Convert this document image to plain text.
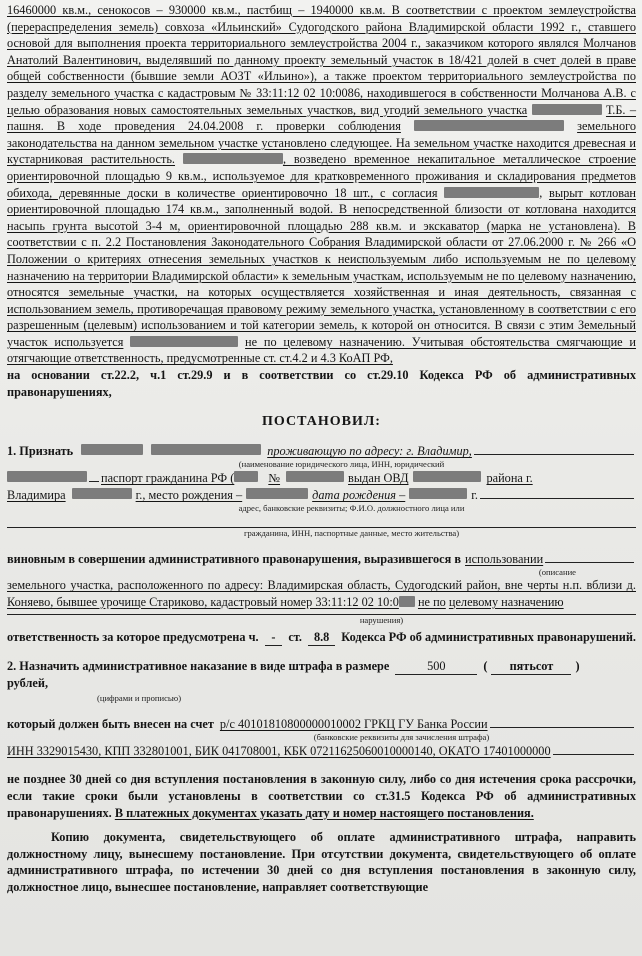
16460000 кв.м., сенокосов – 930000 кв.м., пастбищ – 1940000 кв.м. В соответствии с проектом землеустройства (перераспределения земель) совхоза «Ильинский» Судогодского района Владимирской области 1992 г., ставшего основой для выполнения проекта территориального землеустройства 2004 г., заказчиком которого являлся Молчанов Анатолий Валентинович, выделявший по данному проекту земельный участок в 18/421 долей в счет долей в праве общей собственности (бывшие земли АОЗТ «Ильино»), а также проектом территориального землеустройства по разделу земельного участка с кадастровым № 33:11:12 02 10:0086, находившегося в собственности Молчанова А.В. с целью образования новых самостоятельных земельных участков, вид угодий земельного участка	Т.Б. – пашня. В ходе проведения 24.04.2008 г. проверки соблюдения	земельного законодательства на данном земельном участке установлено следующее. На земельном участке находится древесная и кустарниковая растительность.	, возведено временное некапитальное металлическое строение ориентировочной площадью 9 кв.м., используемое для кратковременного проживания и складирования предметов обихода, деревянные доски в количестве ориентировочно 18 шт., с согласия	, вырыт котлован ориентировочной площадью 174 кв.м., заполненный водой. В непосредственной близости от котлована находится насыпь грунта высотой 3-4 м, ориентировочной площадью 288 кв.м. и экскаватор (марка не установлена). В соответствии с п. 2.2 Постановления Законодательного Собрания Владимирской области от 27.06.2000 г. № 266 «О Положении о критериях отнесения земельных участков к неиспользуемым либо используемым не по целевому назначению на территории Владимирской области» к земельным участкам, используемым не по целевому назначению, относятся земельные участки, на которых осуществляется хозяйственная и иная деятельность, связанная с использованием земель, противоречащая правовому режиму земельного участка, установленному в соответствии с его разрешенным (целевым) использованием и той категории земель, к которой он относится. В связи с этим Земельный участок используется	не по целевому назначению. Учитывая обстоятельства смягчающие и отягчающие ответственность, предусмотренные ст. ст.4.2 и 4.3 КоАП РФ,

на основании ст.22.2, ч.1 ст.29.9 и в соответствии со ст.29.10 Кодекса РФ об административных правонарушениях,

ПОСТАНОВИЛ:
1. Признать	проживающую по адресу: г. Владимир,

(наименование юридического лица, ИНН, юридический

паспорт гражданина РФ (	№	выдан ОВД	района г.
Владимира	г., место рождения –	дата рождения –	г.

адрес, банковские реквизиты; Ф.И.О. должностного лица или

гражданина, ИНН, паспортные данные, место жительства)

виновным в совершении административного правонарушения, выразившегося в использовании

(описание

земельного участка, расположенного по адресу: Владимирская область, Судогодский район, вне черты н.п. вблизи д. Коняево, бывшее урочище Стариково, кадастровый номер 33:11:12 02 10:0 не по целевому назначению

нарушения)

ответственность за которое предусмотрена ч.	-	ст. 8.8 Кодекса РФ об административных правонарушений.
2. Назначить административное наказание в виде штрафа в размере	500	(	пятьсот	)
рублей,

(цифрами и прописью)

который должен быть внесен на счет р/с 40101810800000010002 ГРКЦ ГУ Банка России

(банковские реквизиты для зачисления штрафа)

ИНН 3329015430, КПП 332801001, БИК 041708001, КБК 07211625060010000140, ОКАТО 17401000000

не позднее 30 дней со дня вступления постановления в законную силу, либо со дня истечения срока рассрочки, если такие сроки были установлены в соответствии со ст.31.5 Кодекса РФ об административных правонарушениях. В платежных документах указать дату и номер настоящего постановления.

Копию документа, свидетельствующего об оплате административного штрафа, направить должностному лицу, вынесшему постановление. При отсутствии документа, свидетельствующего об оплате административного штрафа, по истечении 30 дней со дня вступления постановления в законную силу, должностное лицо, вынесшее постановление, направляет соответствующие
